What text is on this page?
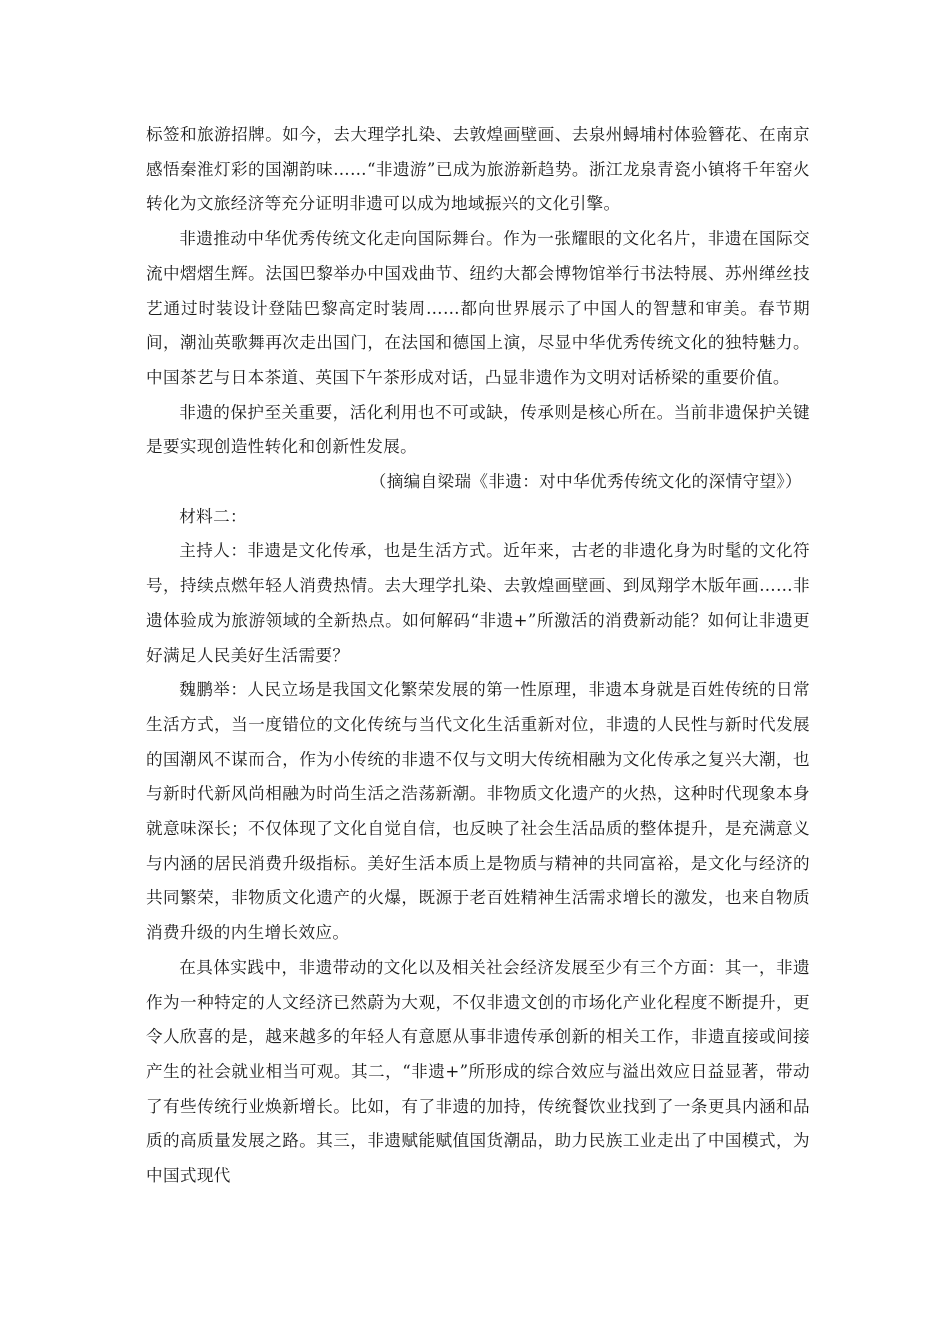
标签和旅游招牌。如今，去大理学扎染、去敦煌画壁画、去泉州蟳埔村体验簪花、在南京感悟秦淮灯彩的国潮韵味……“非遗游”已成为旅游新趋势。浙江龙泉青瓷小镇将千年窑火转化为文旅经济等充分证明非遗可以成为地域振兴的文化引擎。

非遗推动中华优秀传统文化走向国际舞台。作为一张耀眼的文化名片，非遗在国际交流中熠熠生辉。法国巴黎举办中国戏曲节、纽约大都会博物馆举行书法特展、苏州缂丝技艺通过时装设计登陆巴黎高定时装周……都向世界展示了中国人的智慧和审美。春节期间，潮汕英歌舞再次走出国门，在法国和德国上演，尽显中华优秀传统文化的独特魅力。中国茶艺与日本茶道、英国下午茶形成对话，凸显非遗作为文明对话桥梁的重要价值。

非遗的保护至关重要，活化利用也不可或缺，传承则是核心所在。当前非遗保护关键是要实现创造性转化和创新性发展。

（摘编自梁瑞《非遗：对中华优秀传统文化的深情守望》）

材料二：

主持人：非遗是文化传承，也是生活方式。近年来，古老的非遗化身为时髦的文化符号，持续点燃年轻人消费热情。去大理学扎染、去敦煌画壁画、到凤翔学木版年画……非遗体验成为旅游领域的全新热点。如何解码“非遗+”所激活的消费新动能？如何让非遗更好满足人民美好生活需要？

魏鹏举：人民立场是我国文化繁荣发展的第一性原理，非遗本身就是百姓传统的日常生活方式，当一度错位的文化传统与当代文化生活重新对位，非遗的人民性与新时代发展的国潮风不谋而合，作为小传统的非遗不仅与文明大传统相融为文化传承之复兴大潮，也与新时代新风尚相融为时尚生活之浩荡新潮。非物质文化遗产的火热，这种时代现象本身就意味深长；不仅体现了文化自觉自信，也反映了社会生活品质的整体提升，是充满意义与内涵的居民消费升级指标。美好生活本质上是物质与精神的共同富裕，是文化与经济的共同繁荣，非物质文化遗产的火爆，既源于老百姓精神生活需求增长的激发，也来自物质消费升级的内生增长效应。

在具体实践中，非遗带动的文化以及相关社会经济发展至少有三个方面：其一，非遗作为一种特定的人文经济已然蔚为大观，不仅非遗文创的市场化产业化程度不断提升，更令人欣喜的是，越来越多的年轻人有意愿从事非遗传承创新的相关工作，非遗直接或间接产生的社会就业相当可观。其二，“非遗+”所形成的综合效应与溢出效应日益显著，带动了有些传统行业焕新增长。比如，有了非遗的加持，传统餐饮业找到了一条更具内涵和品质的高质量发展之路。其三，非遗赋能赋值国货潮品，助力民族工业走出了中国模式，为中国式现代
